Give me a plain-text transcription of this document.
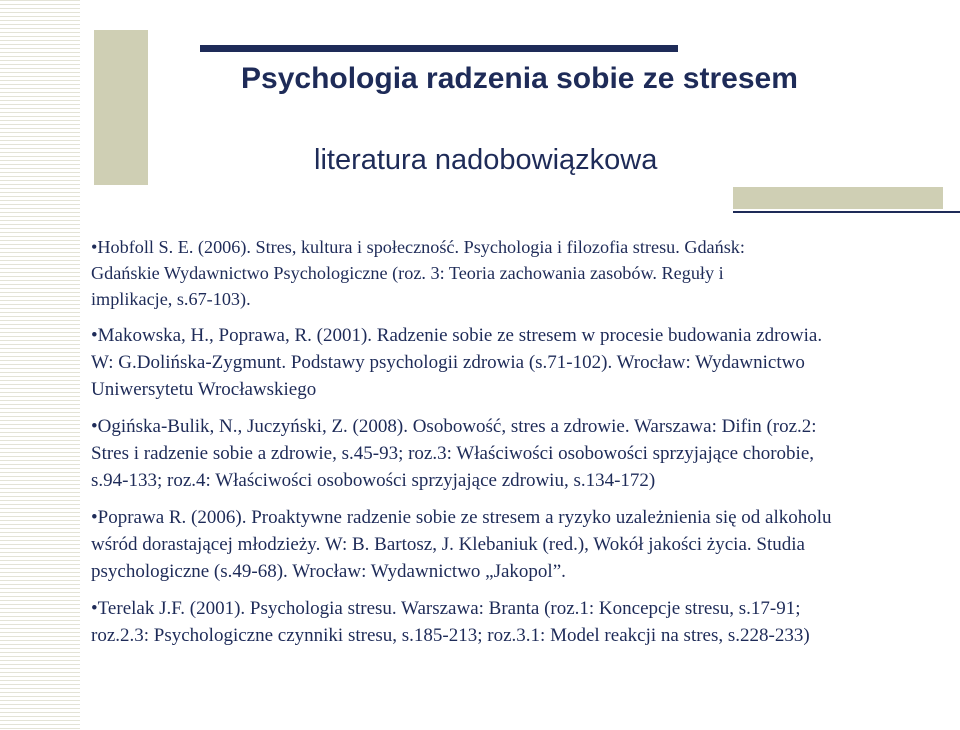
Psychologia radzenia sobie ze stresem
literatura nadobowiązkowa
•Hobfoll S. E. (2006). Stres, kultura i społeczność. Psychologia i filozofia stresu. Gdańsk:
Gdańskie Wydawnictwo Psychologiczne (roz. 3: Teoria zachowania zasobów. Reguły i
implikacje, s.67-103).
•Makowska, H., Poprawa, R. (2001). Radzenie sobie ze stresem w procesie budowania zdrowia.
W: G.Dolińska-Zygmunt. Podstawy psychologii zdrowia (s.71-102). Wrocław: Wydawnictwo
Uniwersytetu Wrocławskiego
•Ogińska-Bulik, N., Juczyński, Z. (2008). Osobowość, stres a zdrowie. Warszawa: Difin (roz.2:
Stres i radzenie sobie a zdrowie, s.45-93; roz.3: Właściwości osobowości sprzyjające chorobie,
s.94-133; roz.4: Właściwości osobowości sprzyjające zdrowiu, s.134-172)
•Poprawa R. (2006). Proaktywne radzenie sobie ze stresem a ryzyko uzależnienia się od alkoholu
wśród dorastającej młodzieży. W: B. Bartosz, J. Klebaniuk (red.), Wokół jakości życia. Studia
psychologiczne (s.49-68). Wrocław: Wydawnictwo „Jakopol”.
•Terelak J.F. (2001). Psychologia stresu. Warszawa: Branta (roz.1: Koncepcje stresu, s.17-91;
roz.2.3: Psychologiczne czynniki stresu, s.185-213; roz.3.1: Model reakcji na stres, s.228-233)
